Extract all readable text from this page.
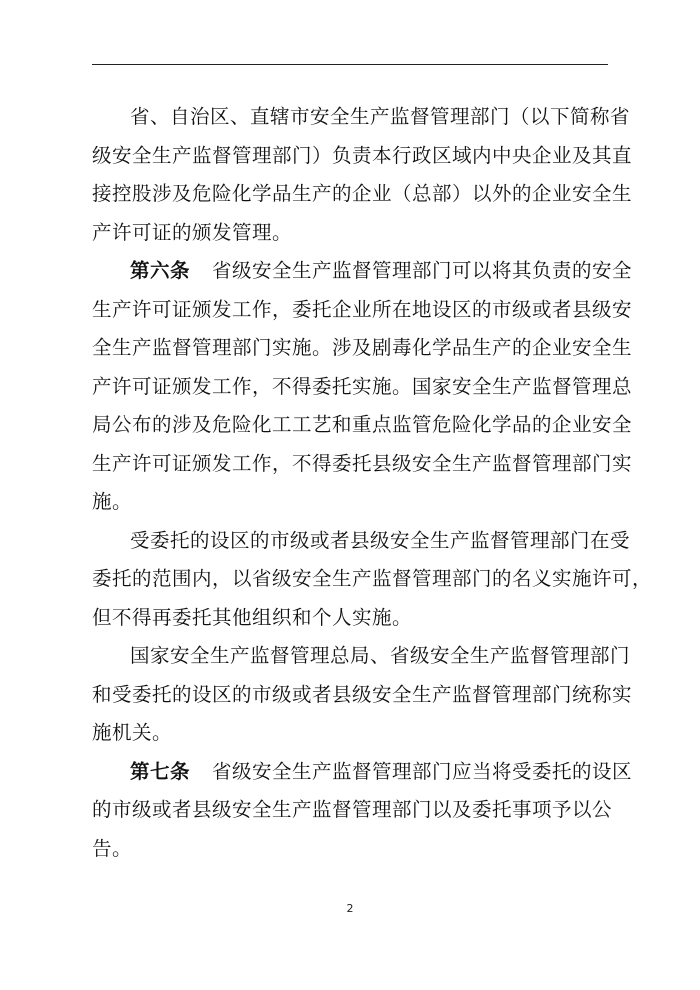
省、自治区、直辖市安全生产监督管理部门（以下简称省
级安全生产监督管理部门）负责本行政区域内中央企业及其直
接控股涉及危险化学品生产的企业（总部）以外的企业安全生
产许可证的颁发管理。
第六条 省级安全生产监督管理部门可以将其负责的安全
生产许可证颁发工作，委托企业所在地设区的市级或者县级安
全生产监督管理部门实施。涉及剧毒化学品生产的企业安全生
产许可证颁发工作，不得委托实施。国家安全生产监督管理总
局公布的涉及危险化工工艺和重点监管危险化学品的企业安全
生产许可证颁发工作，不得委托县级安全生产监督管理部门实
施。
受委托的设区的市级或者县级安全生产监督管理部门在受
委托的范围内，以省级安全生产监督管理部门的名义实施许可，
但不得再委托其他组织和个人实施。
国家安全生产监督管理总局、省级安全生产监督管理部门
和受委托的设区的市级或者县级安全生产监督管理部门统称实
施机关。
第七条 省级安全生产监督管理部门应当将受委托的设区
的市级或者县级安全生产监督管理部门以及委托事项予以公
告。
2
